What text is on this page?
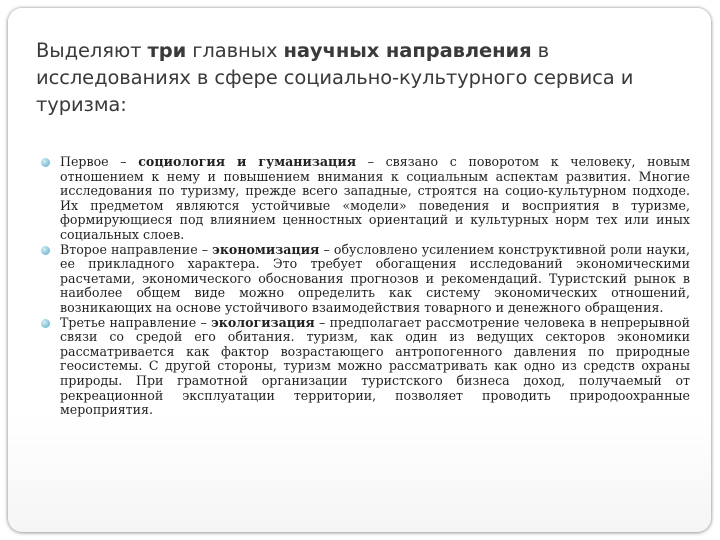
Выделяют три главных научных направления в исследованиях в сфере социально-культурного сервиса и туризма:
Первое – социология и гуманизация – связано с поворотом к человеку, новым отношением к нему и повышением внимания к социальным аспектам развития. Многие исследования по туризму, прежде всего западные, строятся на социо-культурном подходе. Их предметом являются устойчивые «модели» поведения и восприятия в туризме, формирующиеся под влиянием ценностных ориентаций и культурных норм тех или иных социальных слоев.
Второе направление – экономизация – обусловлено усилением конструктивной роли науки, ее прикладного характера. Это требует обогащения исследований экономическими расчетами, экономического обоснования прогнозов и рекомендаций. Туристский рынок в наиболее общем виде можно определить как систему экономических отношений, возникающих на основе устойчивого взаимодействия товарного и денежного обращения.
Третье направление – экологизация – предполагает рассмотрение человека в непрерывной связи со средой его обитания. туризм, как один из ведущих секторов экономики рассматривается как фактор возрастающего антропогенного давления по природные геосистемы. С другой стороны, туризм можно рассматривать как одно из средств охраны природы. При грамотной организации туристского бизнеса доход, получаемый от рекреационной эксплуатации территории, позволяет проводить природоохранные мероприятия.
